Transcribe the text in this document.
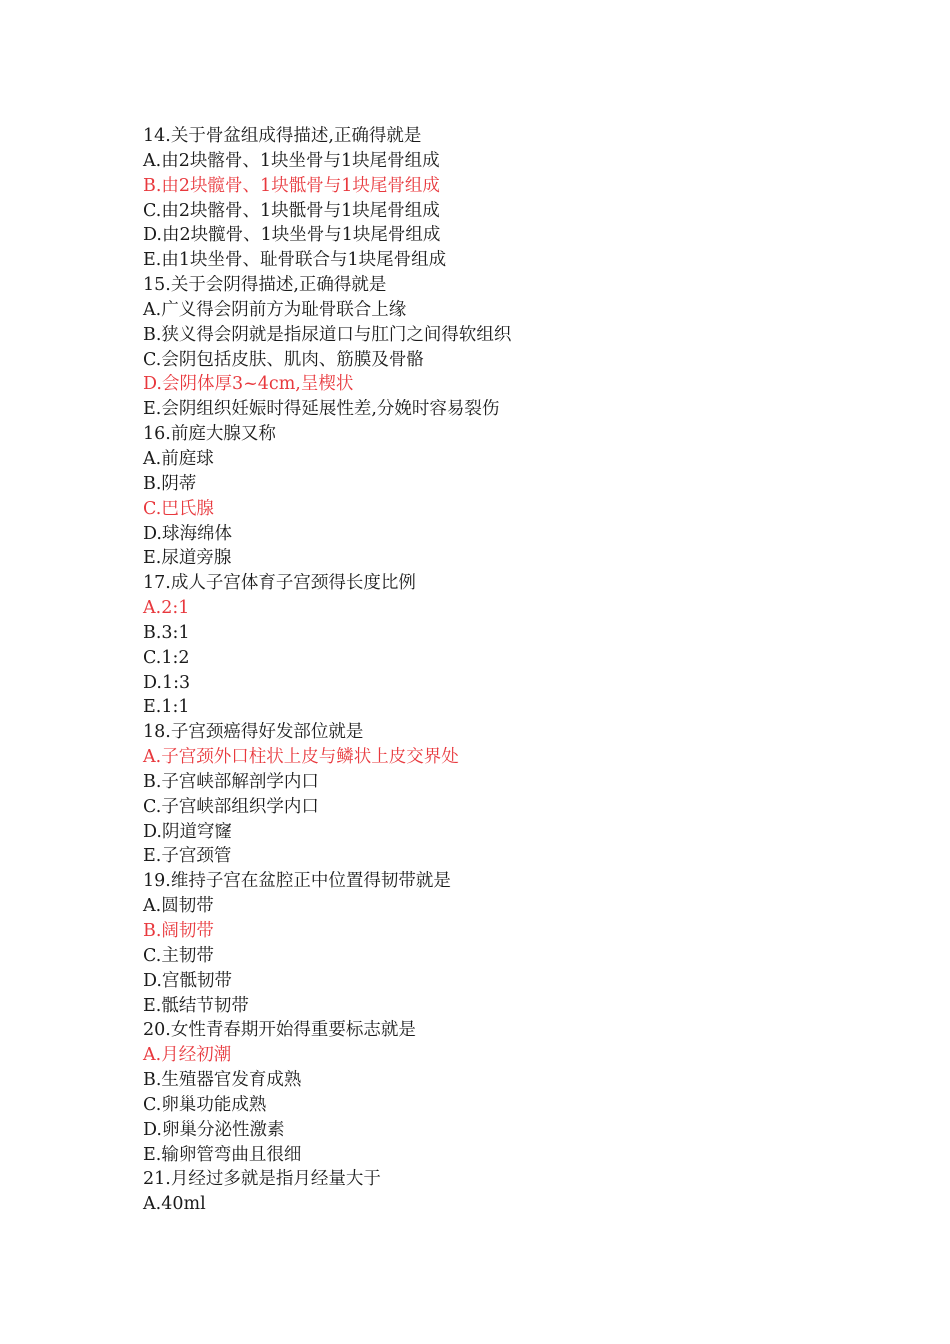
14.关于骨盆组成得描述,正确得就是
A.由2块髂骨、1块坐骨与1块尾骨组成
B.由2块髋骨、1块骶骨与1块尾骨组成
C.由2块髂骨、1块骶骨与1块尾骨组成
D.由2块髋骨、1块坐骨与1块尾骨组成
E.由1块坐骨、耻骨联合与1块尾骨组成
15.关于会阴得描述,正确得就是
A.广义得会阴前方为耻骨联合上缘
B.狭义得会阴就是指尿道口与肛门之间得软组织
C.会阴包括皮肤、肌肉、筋膜及骨骼
D.会阴体厚3~4cm,呈楔状
E.会阴组织妊娠时得延展性差,分娩时容易裂伤
16.前庭大腺又称
A.前庭球
B.阴蒂
C.巴氏腺
D.球海绵体
E.尿道旁腺
17.成人子宫体育子宫颈得长度比例
A.2:1
B.3:1
C.1:2
D.1:3
E.1:1
18.子宫颈癌得好发部位就是
A.子宫颈外口柱状上皮与鳞状上皮交界处
B.子宫峡部解剖学内口
C.子宫峡部组织学内口
D.阴道穹窿
E.子宫颈管
19.维持子宫在盆腔正中位置得韧带就是
A.圆韧带
B.阔韧带
C.主韧带
D.宫骶韧带
E.骶结节韧带
20.女性青春期开始得重要标志就是
A.月经初潮
B.生殖器官发育成熟
C.卵巢功能成熟
D.卵巢分泌性激素
E.输卵管弯曲且很细
21.月经过多就是指月经量大于
A.40ml
